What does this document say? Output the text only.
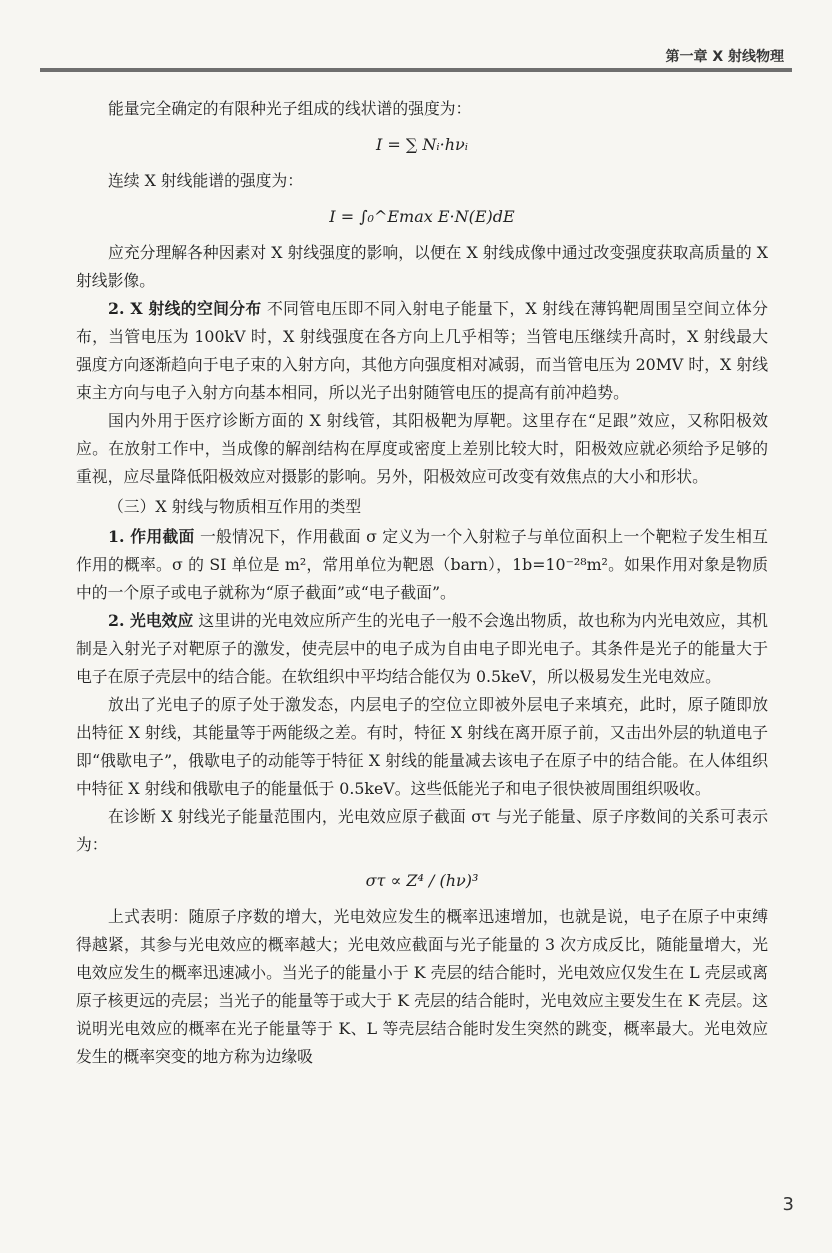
第一章 X 射线物理

能量完全确定的有限种光子组成的线状谱的强度为：

I = ∑ Nᵢ·hνᵢ

连续 X 射线能谱的强度为：

I = ∫₀^Emax E·N(E)dE

应充分理解各种因素对 X 射线强度的影响，以便在 X 射线成像中通过改变强度获取高质量的 X 射线影像。

2. X 射线的空间分布 不同管电压即不同入射电子能量下，X 射线在薄钨靶周围呈空间立体分布，当管电压为 100kV 时，X 射线强度在各方向上几乎相等；当管电压继续升高时，X 射线最大强度方向逐渐趋向于电子束的入射方向，其他方向强度相对减弱，而当管电压为 20MV 时，X 射线束主方向与电子入射方向基本相同，所以光子出射随管电压的提高有前冲趋势。

国内外用于医疗诊断方面的 X 射线管，其阳极靶为厚靶。这里存在“足跟”效应，又称阳极效应。在放射工作中，当成像的解剖结构在厚度或密度上差别比较大时，阳极效应就必须给予足够的重视，应尽量降低阳极效应对摄影的影响。另外，阳极效应可改变有效焦点的大小和形状。

（三）X 射线与物质相互作用的类型

1. 作用截面 一般情况下，作用截面 σ 定义为一个入射粒子与单位面积上一个靶粒子发生相互作用的概率。σ 的 SI 单位是 m²，常用单位为靶恩（barn），1b=10⁻²⁸m²。如果作用对象是物质中的一个原子或电子就称为“原子截面”或“电子截面”。

2. 光电效应 这里讲的光电效应所产生的光电子一般不会逸出物质，故也称为内光电效应，其机制是入射光子对靶原子的激发，使壳层中的电子成为自由电子即光电子。其条件是光子的能量大于电子在原子壳层中的结合能。在软组织中平均结合能仅为 0.5keV，所以极易发生光电效应。

放出了光电子的原子处于激发态，内层电子的空位立即被外层电子来填充，此时，原子随即放出特征 X 射线，其能量等于两能级之差。有时，特征 X 射线在离开原子前，又击出外层的轨道电子即“俄歇电子”，俄歇电子的动能等于特征 X 射线的能量减去该电子在原子中的结合能。在人体组织中特征 X 射线和俄歇电子的能量低于 0.5keV。这些低能光子和电子很快被周围组织吸收。

在诊断 X 射线光子能量范围内，光电效应原子截面 στ 与光子能量、原子序数间的关系可表示为：

στ ∝ Z⁴ / (hν)³

上式表明：随原子序数的增大，光电效应发生的概率迅速增加，也就是说，电子在原子中束缚得越紧，其参与光电效应的概率越大；光电效应截面与光子能量的 3 次方成反比，随能量增大，光电效应发生的概率迅速减小。当光子的能量小于 K 壳层的结合能时，光电效应仅发生在 L 壳层或离原子核更远的壳层；当光子的能量等于或大于 K 壳层的结合能时，光电效应主要发生在 K 壳层。这说明光电效应的概率在光子能量等于 K、L 等壳层结合能时发生突然的跳变，概率最大。光电效应发生的概率突变的地方称为边缘吸

3
